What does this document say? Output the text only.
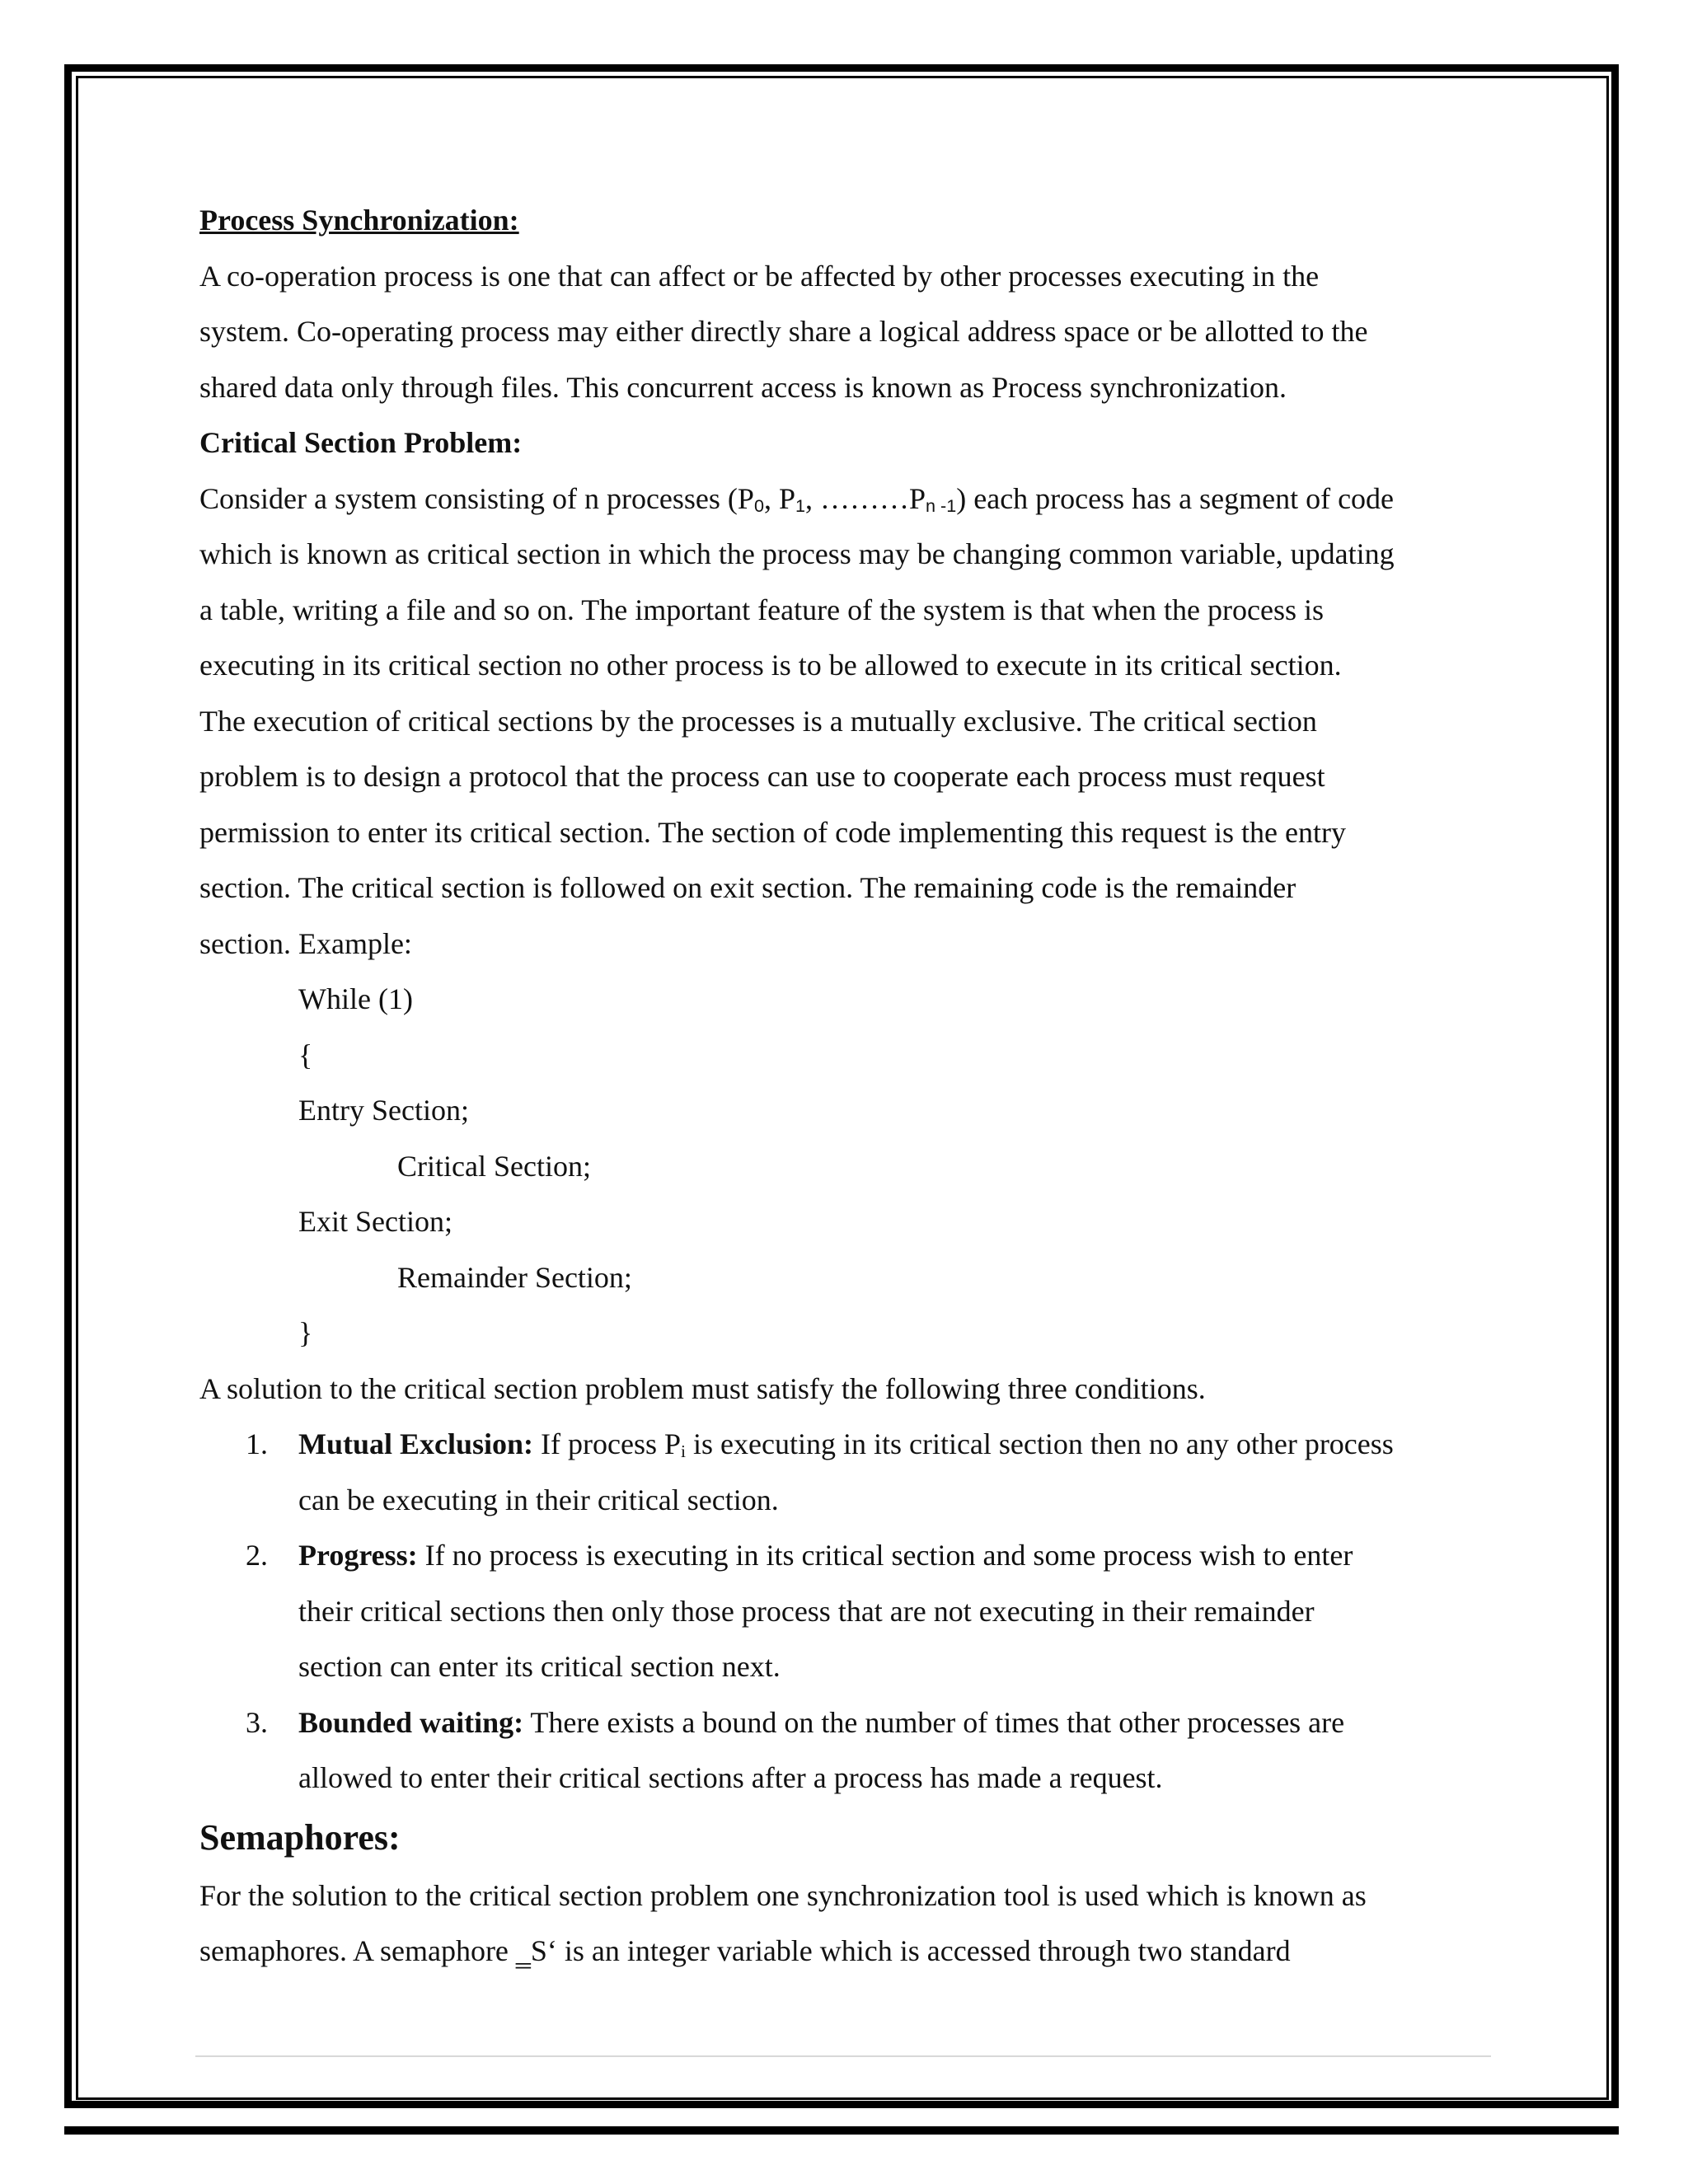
Process Synchronization:
A co-operation process is one that can affect or be affected by other processes executing in the
system. Co-operating process may either directly share a logical address space or be allotted to the
shared data only through files. This concurrent access is known as Process synchronization.
Critical Section Problem:
Consider a system consisting of n processes ($P_0$, $P_1$, $\dots\dots\dots P_{n -1}$) each process has a segment of code
which is known as critical section in which the process may be changing common variable, updating
a table, writing a file and so on. The important feature of the system is that when the process is
executing in its critical section no other process is to be allowed to execute in its critical section.
The execution of critical sections by the processes is a mutually exclusive. The critical section
problem is to design a protocol that the process can use to cooperate each process must request
permission to enter its critical section. The section of code implementing this request is the entry
section. The critical section is followed on exit section. The remaining code is the remainder
section. Example:
While (1)
{
Entry Section;
Critical Section;
Exit Section;
Remainder Section;
}
A solution to the critical section problem must satisfy the following three conditions.
1. Mutual Exclusion: If process $P_i$ is executing in its critical section then no any other process
can be executing in their critical section.
2. Progress: If no process is executing in its critical section and some process wish to enter
their critical sections then only those process that are not executing in their remainder
section can enter its critical section next.
3. Bounded waiting: There exists a bound on the number of times that other processes are
allowed to enter their critical sections after a process has made a request.
Semaphores:
For the solution to the critical section problem one synchronization tool is used which is known as
semaphores. A semaphore ‗S‘ is an integer variable which is accessed through two standard
